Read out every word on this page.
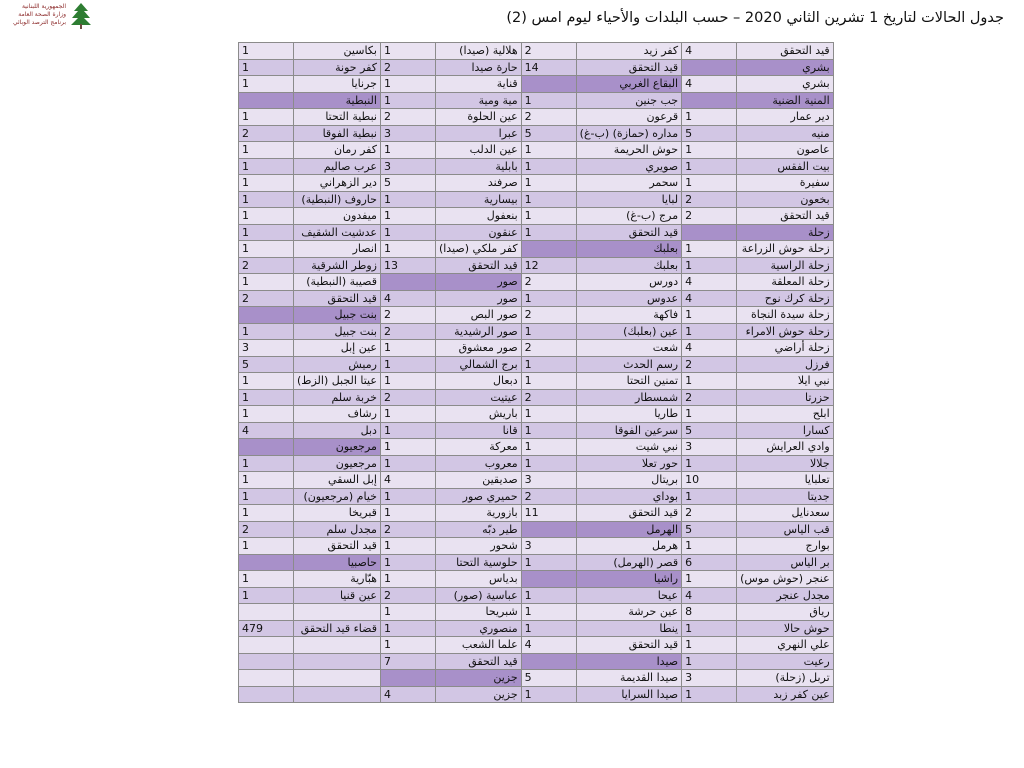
الجمهورية اللبنانية
وزارة الصحة العامة
برنامج الترصد الوبائي	جدول الحالات لتاريخ 1 تشرين الثاني 2020 – حسب البلدات والأحياء ليوم امس (2)
قيد التحقق	4	كفر زيد	2	هلالية (صيدا)	1	بكاسين	1
بشري		قيد التحقق	14	حارة صيدا	2	كفر حونة	1
بشري	4	البقاع الغربي		قناية	1	جرنايا	1
المنية الضنية		جب جنين	1	مية ومية	1	النبطية	
دير عمار	1	قرعون	2	عين الحلوة	2	نبطية التحتا	1
منيه	5	مداره (حمازة) (ب-غ)	5	عبرا	3	نبطية الفوقا	2
عاصون	1	حوش الحريمة	1	عين الدلب	1	كفر رمان	1
بيت الفقس	1	صويري	1	بابلية	3	عرب صاليم	1
سفيرة	1	سحمر	1	صرفند	5	دير الزهراني	1
بخعون	2	لبايا	1	بيسارية	1	حاروف (النبطية)	1
قيد التحقق	2	مرج (ب-غ)	1	بنعفول	1	ميفدون	1
زحلة		قيد التحقق	1	عنقون	1	عدشيت الشقيف	1
زحلة حوش الزراعة	1	بعلبك		كفر ملكي (صيدا)	1	انصار	1
زحلة الراسية	1	بعلبك	12	قيد التحقق	13	زوطر الشرقية	2
زحلة المعلقة	4	دورس	2	صور		قصيبة (النبطية)	1
زحلة كرك نوح	4	عدوس	1	صور	4	قيد التحقق	2
زحلة سيدة النجاة	1	فاكهة	2	صور البص	2	بنت جبيل	
زحلة حوش الامراء	1	عين (بعلبك)	1	صور الرشيدية	2	بنت جبيل	1
زحلة أراضي	4	شعت	2	صور معشوق	1	عين إبل	3
فرزل	2	رسم الحدث	1	برج الشمالي	1	رميش	5
نبي ايلا	1	تمنين التحتا	1	دبعال	1	عيتا الجبل (الزط)	1
حزرتا	2	شمسطار	2	عيتيت	2	خربة سلم	1
ابلح	1	طاريا	1	باريش	1	رشاف	1
كسارا	5	سرعين الفوقا	1	قانا	1	دبل	4
وادي العرايش	3	نبي شيت	1	معركة	1	مرجعيون	
جلالا	1	حور تعلا	1	معروب	1	مرجعيون	1
تعلبايا	10	بريتال	3	صديقين	4	إبل السقي	1
جديتا	1	بوداي	2	حميري صور	1	خيام (مرجعيون)	1
سعدنايل	2	قيد التحقق	11	بازورية	1	قبريخا	1
قب الياس	5	الهرمل		طير دبّه	2	مجدل سلم	2
بوارج	1	هرمل	3	شحور	1	قيد التحقق	1
بر الياس	6	قصر (الهرمل)	1	حلوسية التحتا	1	حاصبيا	
عنجر (حوش موس)	1	راشيا		بدياس	1	هبّارية	1
مجدل عنجر	4	عيحا	1	عباسية (صور)	2	عين قنيا	1
رياق	8	عين حرشة	1	شبريحا	1		
حوش حالا	1	ينطا	1	منصوري	1	قضاء قيد التحقق	479
علي النهري	1	قيد التحقق	4	علما الشعب	1		
رعيت	1	صيدا		قيد التحقق	7		
تربل (زحلة)	3	صيدا القديمة	5	جزين			
عين كفر زبد	1	صيدا السرايا	1	جزين	4		
